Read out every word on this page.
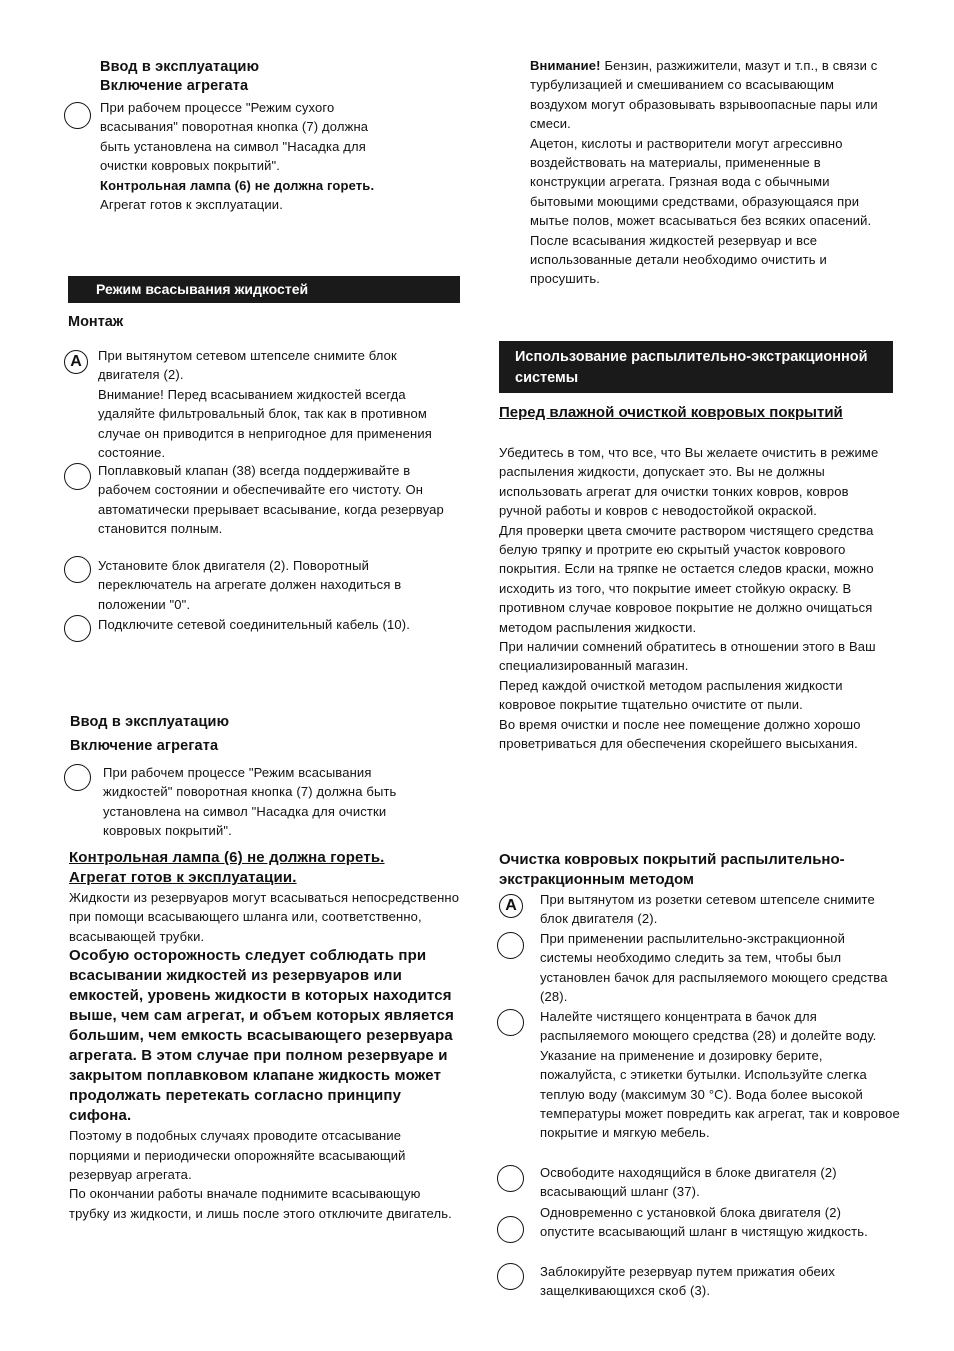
Ввод в эксплуатацию

Включение агрегата

При рабочем процессе "Режим сухого всасывания" поворотная кнопка (7) должна быть установлена на символ "Насадка для очистки ковровых покрытий".

Контрольная лампа (6) не должна гореть.

Агрегат готов к эксплуатации.

Режим всасывания жидкостей

Монтаж

A	При вытянутом сетевом штепселе снимите блок двигателя (2).

Внимание! Перед всасыванием жидкостей всегда удаляйте фильтровальный блок, так как в противном случае он приводится в непригодное для применения состояние.

Поплавковый клапан (38) всегда поддерживайте в рабочем состоянии и обеспечивайте его чистоту. Он автоматически прерывает всасывание, когда резервуар становится полным.

Установите блок двигателя (2). Поворотный переключатель на агрегате должен находиться в положении "0".

Подключите сетевой соединительный кабель (10).

Ввод в эксплуатацию

Включение агрегата

При рабочем процессе "Режим всасывания жидкостей" поворотная кнопка (7) должна быть установлена на символ "Насадка для очистки ковровых покрытий".

Контрольная лампа (6) не должна гореть.

Агрегат готов к эксплуатации.

Жидкости из резервуаров могут всасываться непосредственно при помощи всасывающего шланга или, соответственно, всасывающей трубки.

Особую осторожность следует соблюдать при всасывании жидкостей из резервуаров или емкостей, уровень жидкости в которых находится выше, чем сам агрегат, и объем которых является большим, чем емкость всасывающего резервуара агрегата. В этом случае при полном резервуаре и закрытом поплавковом клапане жидкость может продолжать перетекать согласно принципу сифона.

Поэтому в подобных случаях проводите отсасывание порциями и периодически опорожняйте всасывающий резервуар агрегата.

По окончании работы вначале поднимите всасывающую трубку из жидкости, и лишь после этого отключите двигатель.

Внимание! Бензин, разжижители, мазут и т.п., в связи с турбулизацией и смешиванием со всасывающим воздухом могут образовывать взрывоопасные пары или смеси.

Ацетон, кислоты и растворители могут агрессивно воздействовать на материалы, примененные в конструкции агрегата. Грязная вода с обычными бытовыми моющими средствами, образующаяся при мытье полов, может всасываться без всяких опасений.

После всасывания жидкостей резервуар и все использованные детали необходимо очистить и просушить.

Использование распылительно-экстракционной системы

Перед влажной очисткой ковровых покрытий

Убедитесь в том, что все, что Вы желаете очистить в режиме распыления жидкости, допускает это. Вы не должны использовать агрегат для очистки тонких ковров, ковров ручной работы и ковров с неводостойкой окраской.

Для проверки цвета смочите раствором чистящего средства белую тряпку и протрите ею скрытый участок коврового покрытия. Если на тряпке не остается следов краски, можно исходить из того, что покрытие имеет стойкую окраску. В противном случае ковровое покрытие не должно очищаться методом распыления жидкости.

При наличии сомнений обратитесь в отношении этого в Ваш специализированный магазин.

Перед каждой очисткой методом распыления жидкости ковровое покрытие тщательно очистите от пыли.

Во время очистки и после нее помещение должно хорошо проветриваться для обеспечения скорейшего высыхания.

Очистка ковровых покрытий распылительно-экстракционным методом

A	При вытянутом из розетки сетевом штепселе снимите блок двигателя (2).

При применении распылительно-экстракционной системы необходимо следить за тем, чтобы был установлен бачок для распыляемого моющего средства (28).

Налейте чистящего концентрата в бачок для распыляемого моющего средства (28) и долейте воду. Указание на применение и дозировку берите, пожалуйста, с этикетки бутылки. Используйте слегка теплую воду (максимум 30 °C). Вода более высокой температуры может повредить как агрегат, так и ковровое покрытие и мягкую мебель.

Освободите находящийся в блоке двигателя (2) всасывающий шланг (37).

Одновременно с установкой блока двигателя (2) опустите всасывающий шланг в чистящую жидкость.

Заблокируйте резервуар путем прижатия обеих защелкивающихся скоб (3).
